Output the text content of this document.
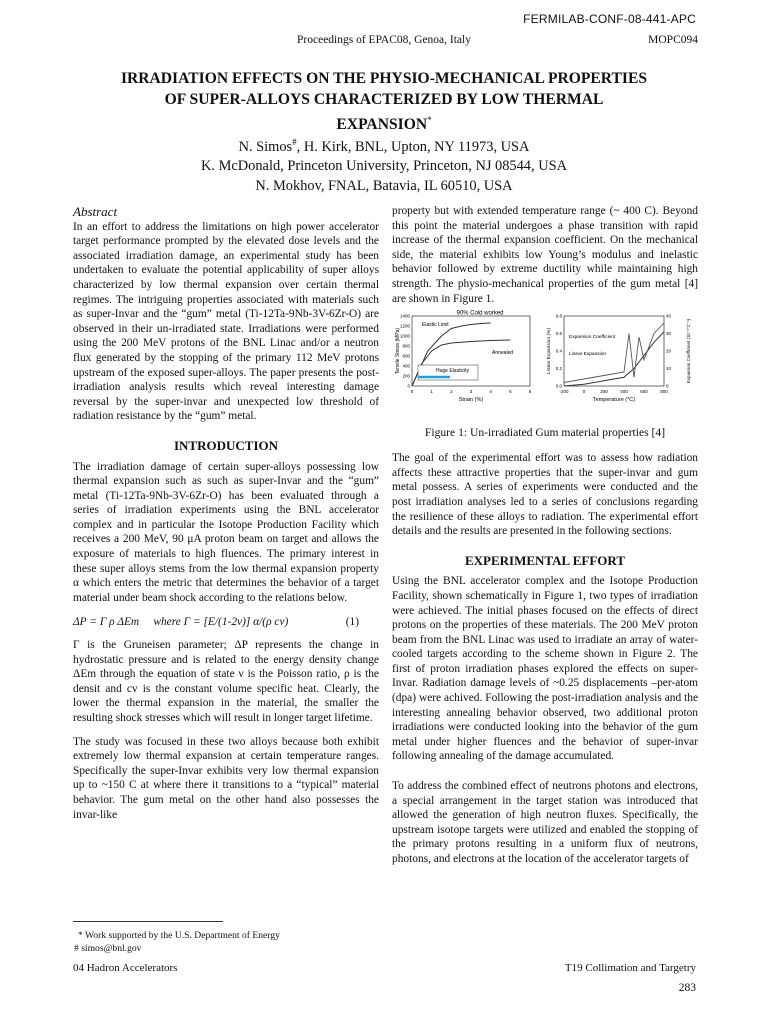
FERMILAB-CONF-08-441-APC
Proceedings of EPAC08, Genoa, Italy	MOPC094
IRRADIATION EFFECTS ON THE PHYSIO-MECHANICAL PROPERTIES
OF SUPER-ALLOYS CHARACTERIZED BY LOW THERMAL
EXPANSION*
N. Simos#, H. Kirk, BNL, Upton, NY 11973, USA
K. McDonald, Princeton University, Princeton, NJ 08544, USA
N. Mokhov, FNAL, Batavia, IL 60510, USA

Abstract

In an effort to address the limitations on high power accelerator target performance prompted by the elevated dose levels and the associated irradiation damage, an experimental study has been undertaken to evaluate the potential applicability of super alloys characterized by low thermal expansion over certain thermal regimes. The intriguing properties associated with materials such as super-Invar and the “gum” metal (Ti-12Ta-9Nb-3V-6Zr-O) are observed in their un-irradiated state. Irradiations were performed using the 200 MeV protons of the BNL Linac and/or a neutron flux generated by the stopping of the primary 112 MeV protons upstream of the exposed super-alloys. The paper presents the post-irradiation analysis results which reveal interesting damage reversal by the super-invar and unexpected low threshold of radiation resistance by the “gum” metal.

INTRODUCTION

The irradiation damage of certain super-alloys possessing low thermal expansion such as such as super-Invar and the “gum” metal (Ti-12Ta-9Nb-3V-6Zr-O) has been evaluated through a series of irradiation experiments using the BNL accelerator complex and in particular the Isotope Production Facility which receives a 200 MeV, 90 μA proton beam on target and allows the exposure of materials to high fluences. The primary interest in these super alloys stems from the low thermal expansion property α which enters the metric that determines the behavior of a target material under beam shock according to the relations below.

ΔP = Γ ρ ΔEm     where Γ = [E/(1-2ν)] α/(ρ cv)	(1)

Γ is the Gruneisen parameter; ΔP represents the change in hydrostatic pressure and is related to the energy density change ΔEm through the equation of state ν is the Poisson ratio, ρ is the densit and cv is the constant volume specific heat. Clearly, the lower the thermal expansion in the material, the smaller the resulting shock stresses which will result in longer target lifetime.

The study was focused in these two alloys because both exhibit extremely low thermal expansion at certain temperature ranges. Specifically the super-Invar exhibits very low thermal expansion up to ~150 C at where there it transitions to a “typical” material behavior. The gum metal on the other hand also possesses the invar-like

property but with extended temperature range (~ 400 C). Beyond this point the material undergoes a phase transition with rapid increase of the thermal expansion coefficient. On the mechanical side, the material exhibits low Young’s modulus and inelastic behavior followed by extreme ductility while maintaining high strength. The physio-mechanical properties of the gum metal [4] are shown in Figure 1.

0
200
400
600
800
1000
1200
1400
0	1	2	3	4	5	6
Tensile Stress (MPa)
Strain (%)
90% Cold worked
Elastic Limit
Annealed
Huge Elasticity
0.0
0.2
0.4
0.6
0.8
0
10
20
30
40
-200	0	200	400	600	800
Linear Expansion (%)	Expansion Coefficient (10⁻⁶°C⁻¹)
Temperature (°C)
Expansion Coefficient
Linear Expansion
Figure 1: Un-irradiated Gum material properties [4]

The goal of the experimental effort was to assess how radiation affects these attractive properties that the super-invar and gum metal possess. A series of experiments were conducted and the post irradiation analyses led to a series of conclusions regarding the resilience of these alloys to radiation. The experimental effort details and the results are presented in the following sections.

EXPERIMENTAL EFFORT

Using the BNL accelerator complex and the Isotope Production Facility, shown schematically in Figure 1, two types of irradiation were achieved. The initial phases focused on the effects of direct protons on the properties of these materials. The 200 MeV proton beam from the BNL Linac was used to irradiate an array of water-cooled targets according to the scheme shown in Figure 2. The first of proton irradiation phases explored the effects on super-Invar. Radiation damage levels of ~0.25 displacements –per-atom (dpa) were achived. Following the post-irradiation analysis and the interesting annealing behavior observed, two additional proton irradiations were conducted looking into the behavior of the gum metal under higher fluences and the behavior of super-invar following annealing of the damage accumulated.

To address the combined effect of neutrons photons and electrons, a special arrangement in the target station was introduced that allowed the generation of high neutron fluxes. Specifically, the upstream isotope targets were utilized and enabled the stopping of the primary protons resulting in a uniform flux of neutrons, photons, and electrons at the location of the accelerator targets of

* Work supported by the U.S. Department of Energy
# simos@bnl.gov
04 Hadron Accelerators	T19 Collimation and Targetry
283
